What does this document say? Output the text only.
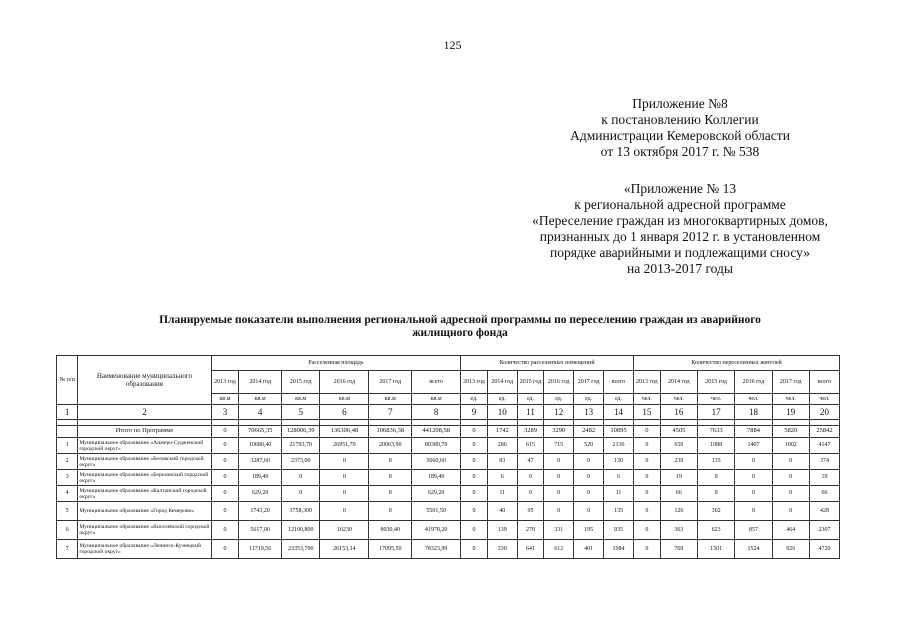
125
Приложение №8
к постановлению Коллегии
Администрации Кемеровской области
от 13 октября 2017 г. № 538
«Приложение № 13
к региональной адресной программе
«Переселение граждан из многоквартирных домов,
признанных до 1 января 2012 г. в установленном
порядке аварийными и подлежащими сносу»
на 2013-2017 годы
Планируемые показатели выполнения региональной адресной программы по переселению граждан из аварийного
жилищного фонда
№ п/п	Наименование муниципального образования	Расселенная площадь						Количество расселенных помещений						Количество переселенных жителей					
		2013 год	2014 год	2015 год	2016 год	2017 год	всего	2013 год	2014 год	2015 год	2016 год	2017 год	всего	2013 год	2014 год	2015 год	2016 год	2017 год	всего
		кв.м	кв.м	кв.м	кв.м	кв.м	кв.м	ед.	ед.	ед.	ед.	ед.	ед.	чел.	чел.	чел.	чел.	чел.	чел.
1	2	3	4	5	6	7	8	9	10	11	12	13	14	15	16	17	18	19	20

	Итого по Программе	0	70665,35	128006,39	136306,48	106836,38	441208,58	0	1742	3289	3290	2482	10895	0	4505	7633	7884	5820	25842
1	Муниципальное образование «Анжеро-Судженский городской округ»	0	10680,40	21793,70	26951,70	20063,90	80389,70	0	286	615	715	520	2136	0	650	1088	1407	1002	4147
2	Муниципальное образование «Беловский городской округ»	0	3287,60	2373,00	0	0	5660,60	0	83	47	0	0	130	0	239	135	0	0	374
3	Муниципальное образование «Березовский городской округ»	0	189,40	0	0	0	189,40	0	6	0	0	0	6	0	19	0	0	0	19
4	Муниципальное образование «Калтанский городской округ»	0	629,20	0	0	0	629,20	0	11	0	0	0	11	0	66	0	0	0	66
5	Муниципальное образование «Город Кемерово»	0	1743,20	3758,300	0	0	5501,50	0	40	95	0	0	135	0	126	302	0	0	428
6	Муниципальное образование «Киселевский городской округ»	0	5617,00	12100,800	16230	8030,40	41978,20	0	139	270	331	195	935	0	363	623	857	464	2307
7	Муниципальное образование «Ленинск-Кузнецкий городской округ»	0	11719,56	23353,790	26153,14	17095,50	78323,99	0	330	641	612	401	1984	0	769	1501	1524	926	4720
